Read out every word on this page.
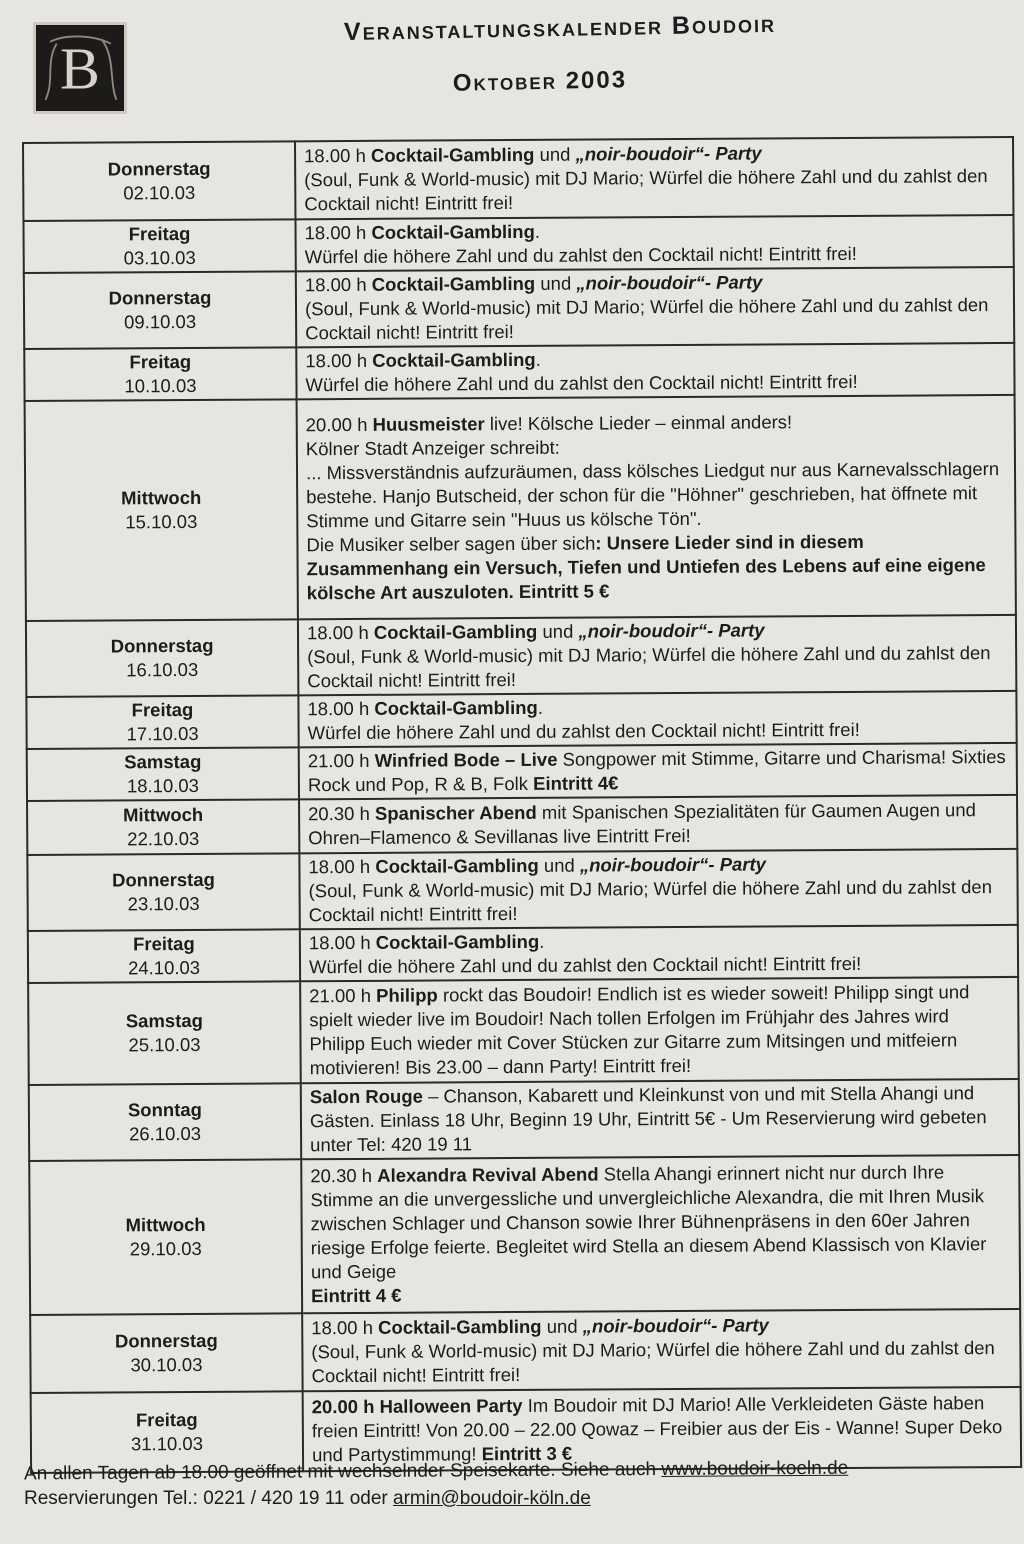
B
Veranstaltungskalender Boudoir
Oktober 2003
Donnerstag
02.10.03	18.00 h Cocktail-Gambling und „noir-boudoir“- Party
(Soul, Funk & World-music) mit DJ Mario; Würfel die höhere Zahl und du zahlst den Cocktail nicht! Eintritt frei!

Freitag
03.10.03	18.00 h Cocktail-Gambling.
Würfel die höhere Zahl und du zahlst den Cocktail nicht! Eintritt frei!

Donnerstag
09.10.03	18.00 h Cocktail-Gambling und „noir-boudoir“- Party
(Soul, Funk & World-music) mit DJ Mario; Würfel die höhere Zahl und du zahlst den Cocktail nicht! Eintritt frei!

Freitag
10.10.03	18.00 h Cocktail-Gambling.
Würfel die höhere Zahl und du zahlst den Cocktail nicht! Eintritt frei!

Mittwoch
15.10.03	20.00 h Huusmeister live! Kölsche Lieder – einmal anders!
Kölner Stadt Anzeiger schreibt:
... Missverständnis aufzuräumen, dass kölsches Liedgut nur aus Karnevalsschlagern bestehe. Hanjo Butscheid, der schon für die "Höhner" geschrieben, hat öffnete mit Stimme und Gitarre sein "Huus us kölsche Tön".
Die Musiker selber sagen über sich: Unsere Lieder sind in diesem Zusammenhang ein Versuch, Tiefen und Untiefen des Lebens auf eine eigene kölsche Art auszuloten. Eintritt 5 €

Donnerstag
16.10.03	18.00 h Cocktail-Gambling und „noir-boudoir“- Party
(Soul, Funk & World-music) mit DJ Mario; Würfel die höhere Zahl und du zahlst den Cocktail nicht! Eintritt frei!

Freitag
17.10.03	18.00 h Cocktail-Gambling.
Würfel die höhere Zahl und du zahlst den Cocktail nicht! Eintritt frei!

Samstag
18.10.03	21.00 h Winfried Bode – Live Songpower mit Stimme, Gitarre und Charisma! Sixties Rock und Pop, R & B, Folk Eintritt 4€

Mittwoch
22.10.03	20.30 h Spanischer Abend mit Spanischen Spezialitäten für Gaumen Augen und Ohren–Flamenco & Sevillanas live Eintritt Frei!

Donnerstag
23.10.03	18.00 h Cocktail-Gambling und „noir-boudoir“- Party
(Soul, Funk & World-music) mit DJ Mario; Würfel die höhere Zahl und du zahlst den Cocktail nicht! Eintritt frei!

Freitag
24.10.03	18.00 h Cocktail-Gambling.
Würfel die höhere Zahl und du zahlst den Cocktail nicht! Eintritt frei!

Samstag
25.10.03	21.00 h Philipp rockt das Boudoir! Endlich ist es wieder soweit! Philipp singt und spielt wieder live im Boudoir! Nach tollen Erfolgen im Frühjahr des Jahres wird Philipp Euch wieder mit Cover Stücken zur Gitarre zum Mitsingen und mitfeiern motivieren! Bis 23.00 – dann Party! Eintritt frei!

Sonntag
26.10.03	Salon Rouge – Chanson, Kabarett und Kleinkunst von und mit Stella Ahangi und Gästen. Einlass 18 Uhr, Beginn 19 Uhr, Eintritt 5€ - Um Reservierung wird gebeten unter Tel: 420 19 11

Mittwoch
29.10.03	20.30 h Alexandra Revival Abend Stella Ahangi erinnert nicht nur durch Ihre Stimme an die unvergessliche und unvergleichliche Alexandra, die mit Ihren Musik zwischen Schlager und Chanson sowie Ihrer Bühnenpräsens in den 60er Jahren riesige Erfolge feierte. Begleitet wird Stella an diesem Abend Klassisch von Klavier und Geige
Eintritt 4 €

Donnerstag
30.10.03	18.00 h Cocktail-Gambling und „noir-boudoir“- Party
(Soul, Funk & World-music) mit DJ Mario; Würfel die höhere Zahl und du zahlst den Cocktail nicht! Eintritt frei!

Freitag
31.10.03	20.00 h Halloween Party Im Boudoir mit DJ Mario! Alle Verkleideten Gäste haben freien Eintritt! Von 20.00 – 22.00 Qowaz – Freibier aus der Eis - Wanne! Super Deko und Partystimmung! Eintritt 3 €
An allen Tagen ab 18.00 geöffnet mit wechselnder Speisekarte. Siehe auch www.boudoir-koeln.de
Reservierungen Tel.: 0221 / 420 19 11 oder armin@boudoir-köln.de
